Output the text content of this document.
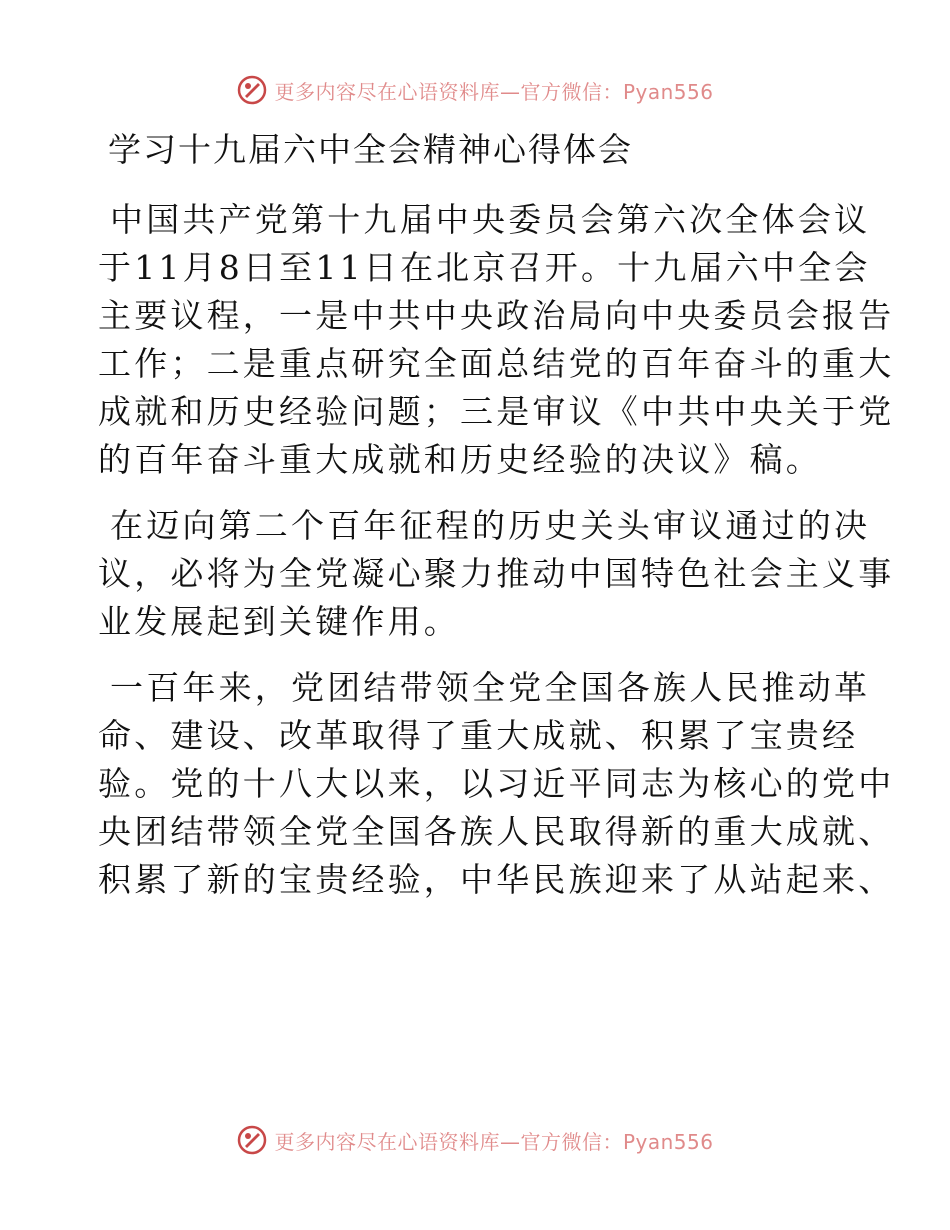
更多内容尽在心语资料库—官方微信：Pyan556
学习十九届六中全会精神心得体会

中国共产党第十九届中央委员会第六次全体会议
于11月8日至11日在北京召开。十九届六中全会
主要议程，一是中共中央政治局向中央委员会报告
工作；二是重点研究全面总结党的百年奋斗的重大
成就和历史经验问题；三是审议《中共中央关于党
的百年奋斗重大成就和历史经验的决议》稿。

在迈向第二个百年征程的历史关头审议通过的决
议，必将为全党凝心聚力推动中国特色社会主义事
业发展起到关键作用。

一百年来，党团结带领全党全国各族人民推动革
命、建设、改革取得了重大成就、积累了宝贵经
验。党的十八大以来，以习近平同志为核心的党中
央团结带领全党全国各族人民取得新的重大成就、
积累了新的宝贵经验，中华民族迎来了从站起来、

更多内容尽在心语资料库—官方微信：Pyan556
